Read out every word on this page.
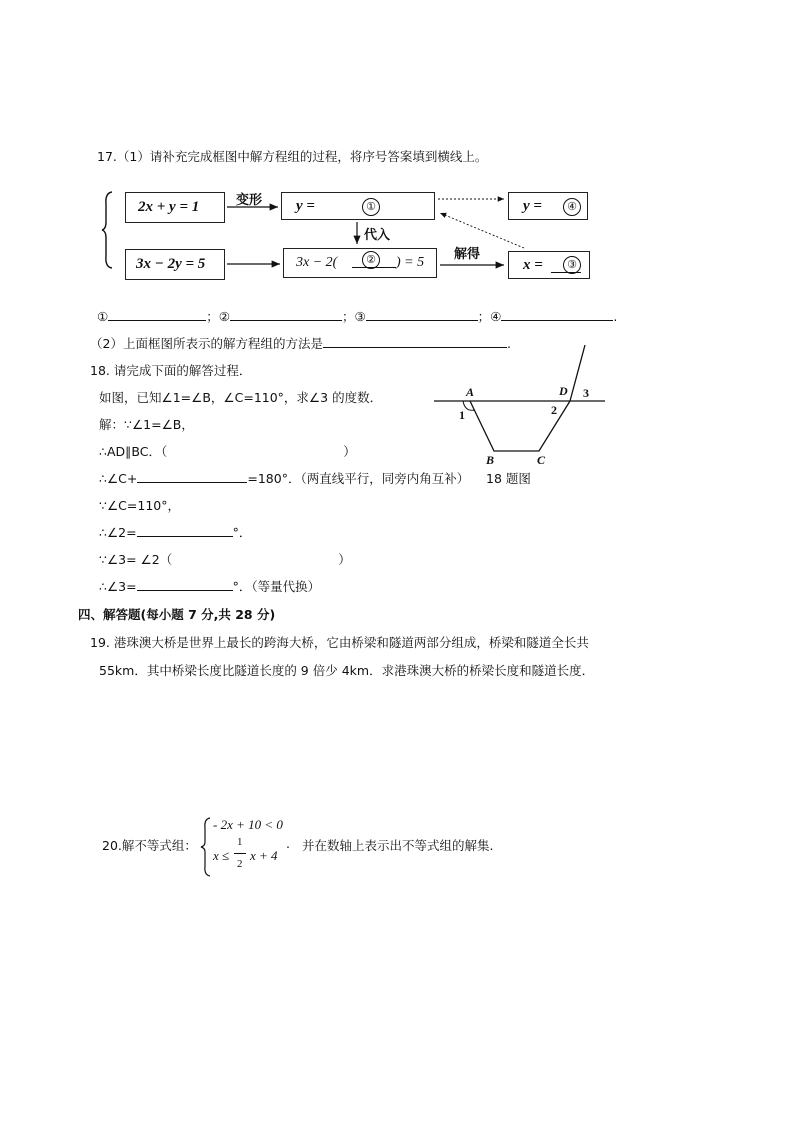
17.（1）请补充完成框图中解方程组的过程，将序号答案填到横线上。
2x + y = 1
3x − 2y = 5
y =	①
3x − 2(	② ) = 5
y =	④
x =	③
变形
代入
解得
①	；②	；③	；④	.
（2）上面框图所表示的解方程组的方法是	.
18. 请完成下面的解答过程．
如图，已知∠1=∠B，∠C=110°，求∠3 的度数．
解：∵∠1=∠B，
∴AD∥BC．（	）
∴∠C+	=180°．（两直线平行，同旁内角互补）
∵∠C=110°，
∴∠2=	°．
∵∠3= ∠2（	）
∴∠3=	°．（等量代换）
A	D
B	C
1	2
3
18 题图
四、解答题(每小题 7 分,共 28 分)
19. 港珠澳大桥是世界上最长的跨海大桥，它由桥梁和隧道两部分组成，桥梁和隧道全长共
55km．其中桥梁长度比隧道长度的 9 倍少 4km．求港珠澳大桥的桥梁长度和隧道长度．
20.解不等式组：
- 2x + 10 < 0
x ≤
1
2
x + 4
. 并在数轴上表示出不等式组的解集.
